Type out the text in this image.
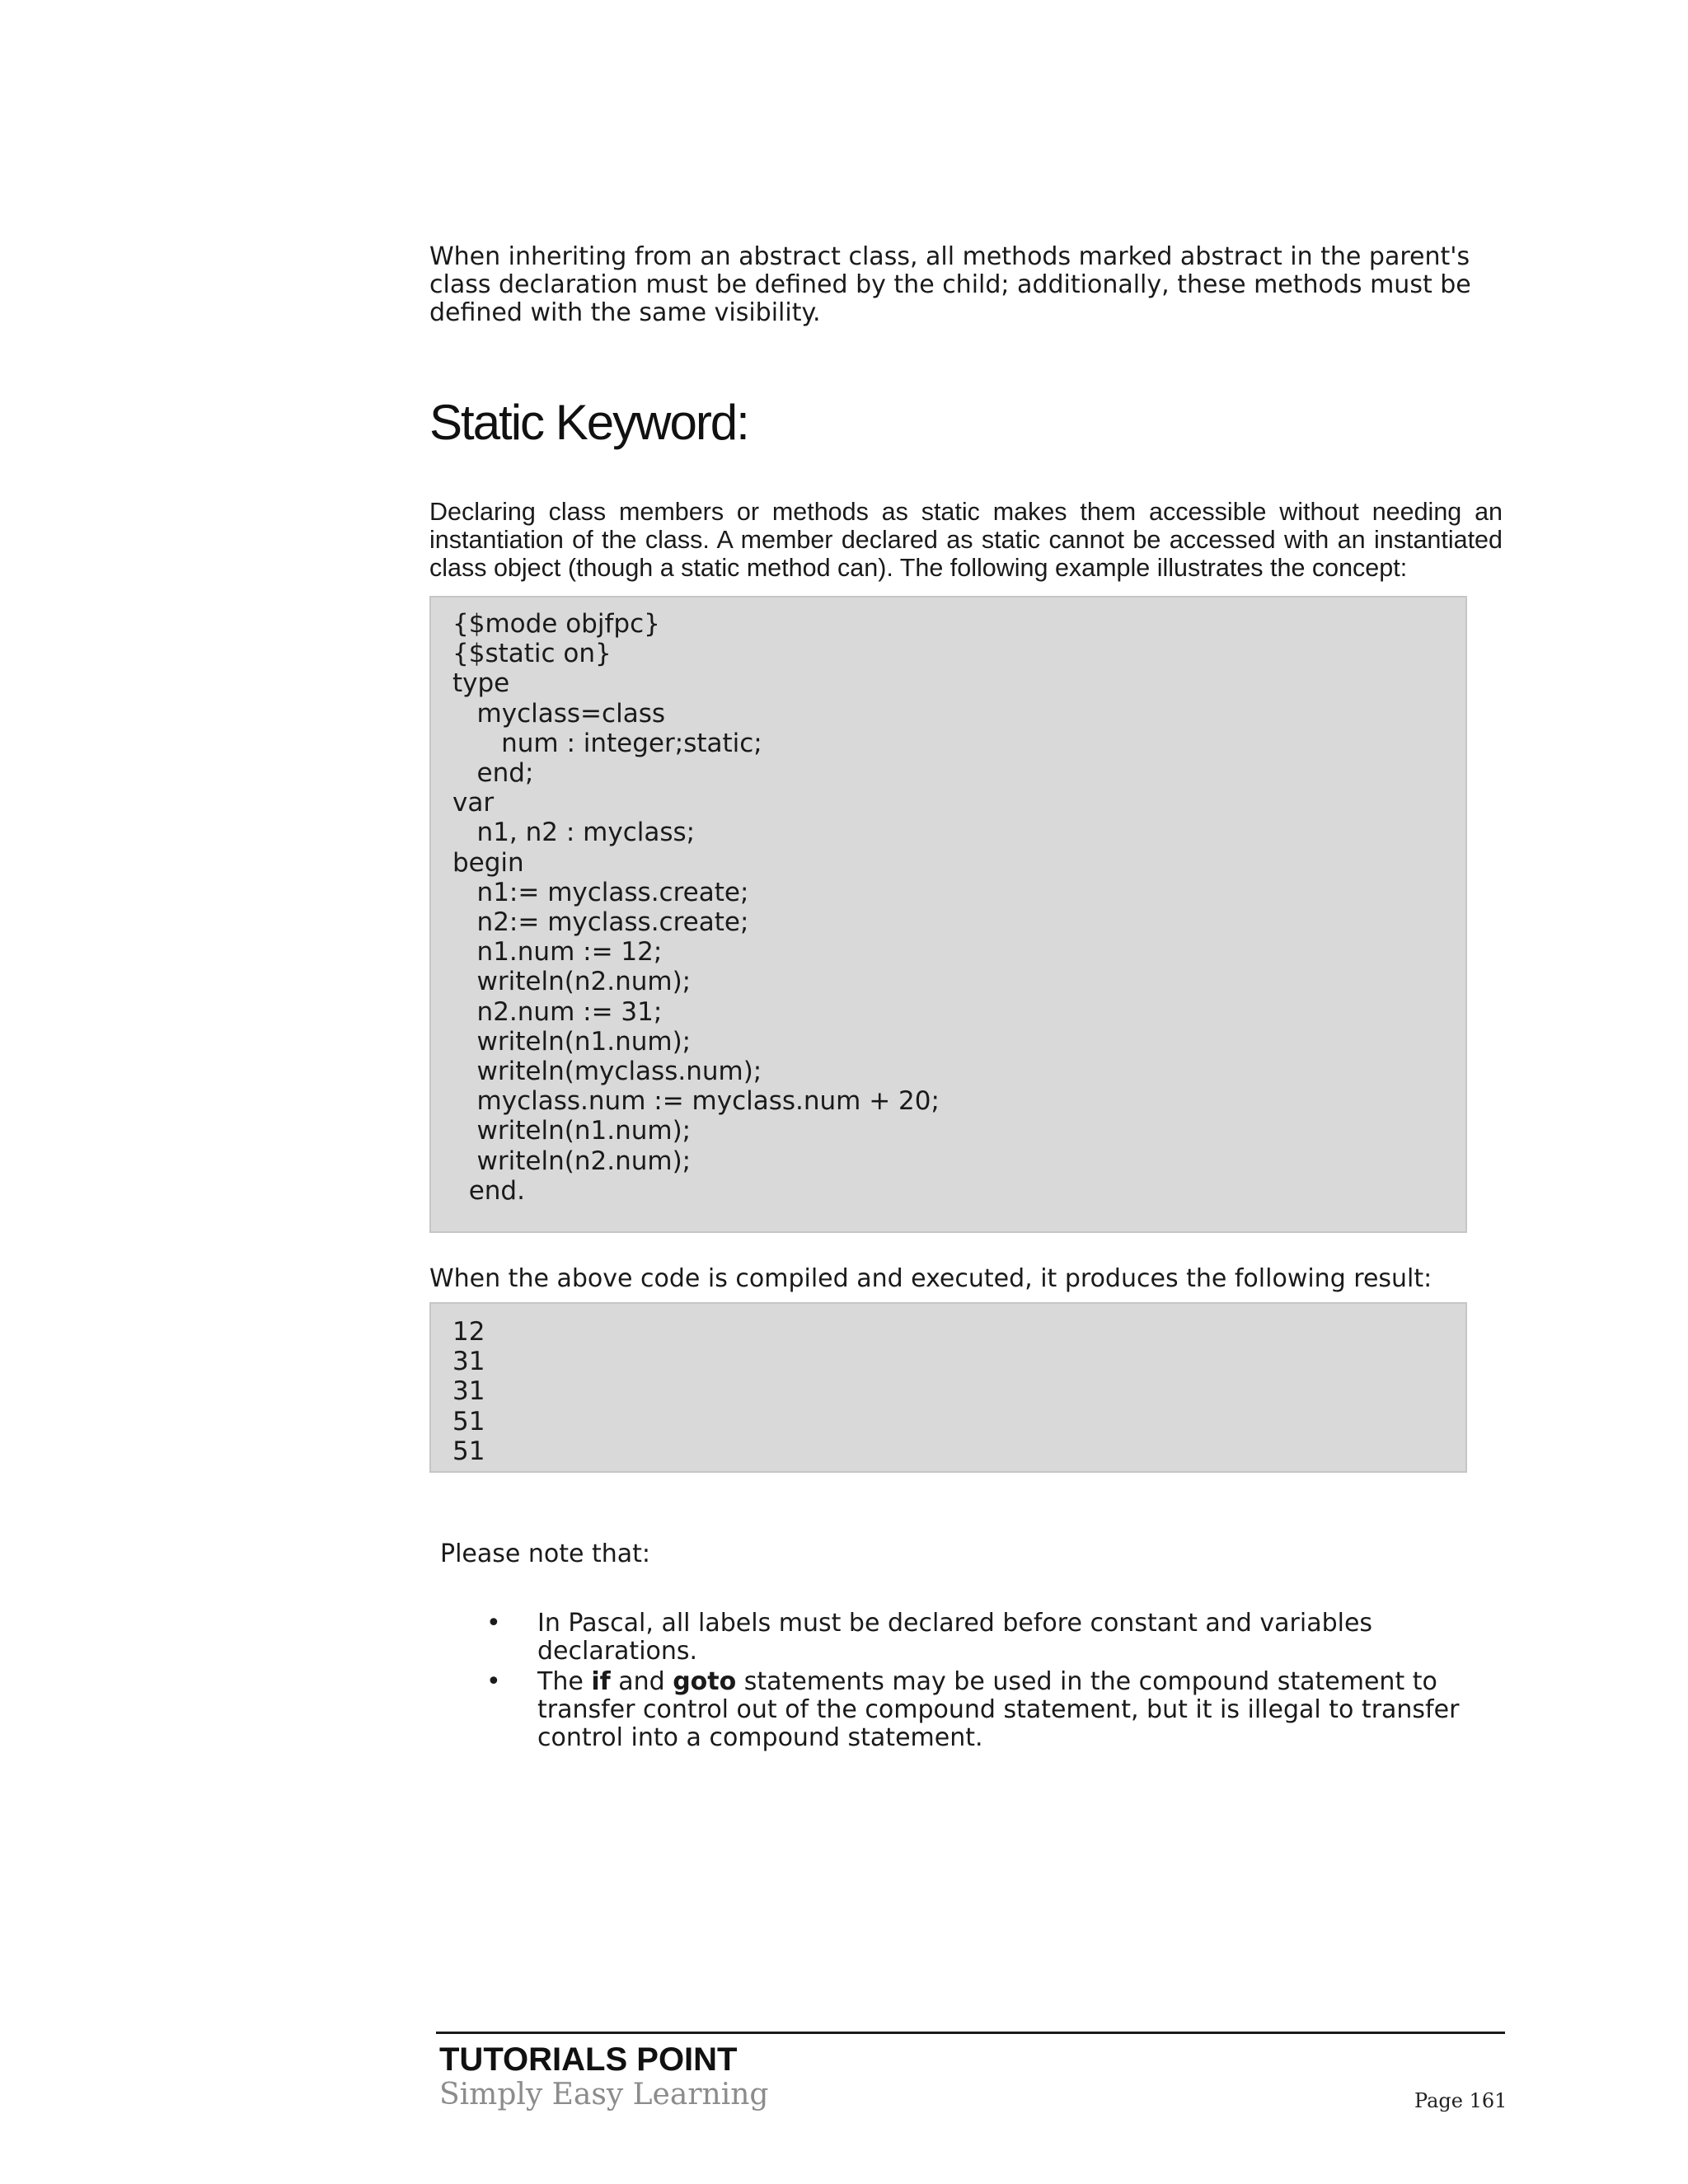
When inheriting from an abstract class, all methods marked abstract in the parent's class declaration must be defined by the child; additionally, these methods must be defined with the same visibility.

Static Keyword:

Declaring class members or methods as static makes them accessible without needing an instantiation of the class. A member declared as static cannot be accessed with an instantiated class object (though a static method can). The following example illustrates the concept:

{$mode objfpc}
{$static on}
type
myclass=class
num : integer;static;
end;
var
n1, n2 : myclass;
begin
n1:= myclass.create;
n2:= myclass.create;
n1.num := 12;
writeln(n2.num);
n2.num := 31;
writeln(n1.num);
writeln(myclass.num);
myclass.num := myclass.num + 20;
writeln(n1.num);
writeln(n2.num);
end.

When the above code is compiled and executed, it produces the following result:

12
31
31
51
51

Please note that:

• In Pascal, all labels must be declared before constant and variables declarations.
• The if and goto statements may be used in the compound statement to transfer control out of the compound statement, but it is illegal to transfer control into a compound statement.
TUTORIALS POINT
Simply Easy Learning	Page 161
